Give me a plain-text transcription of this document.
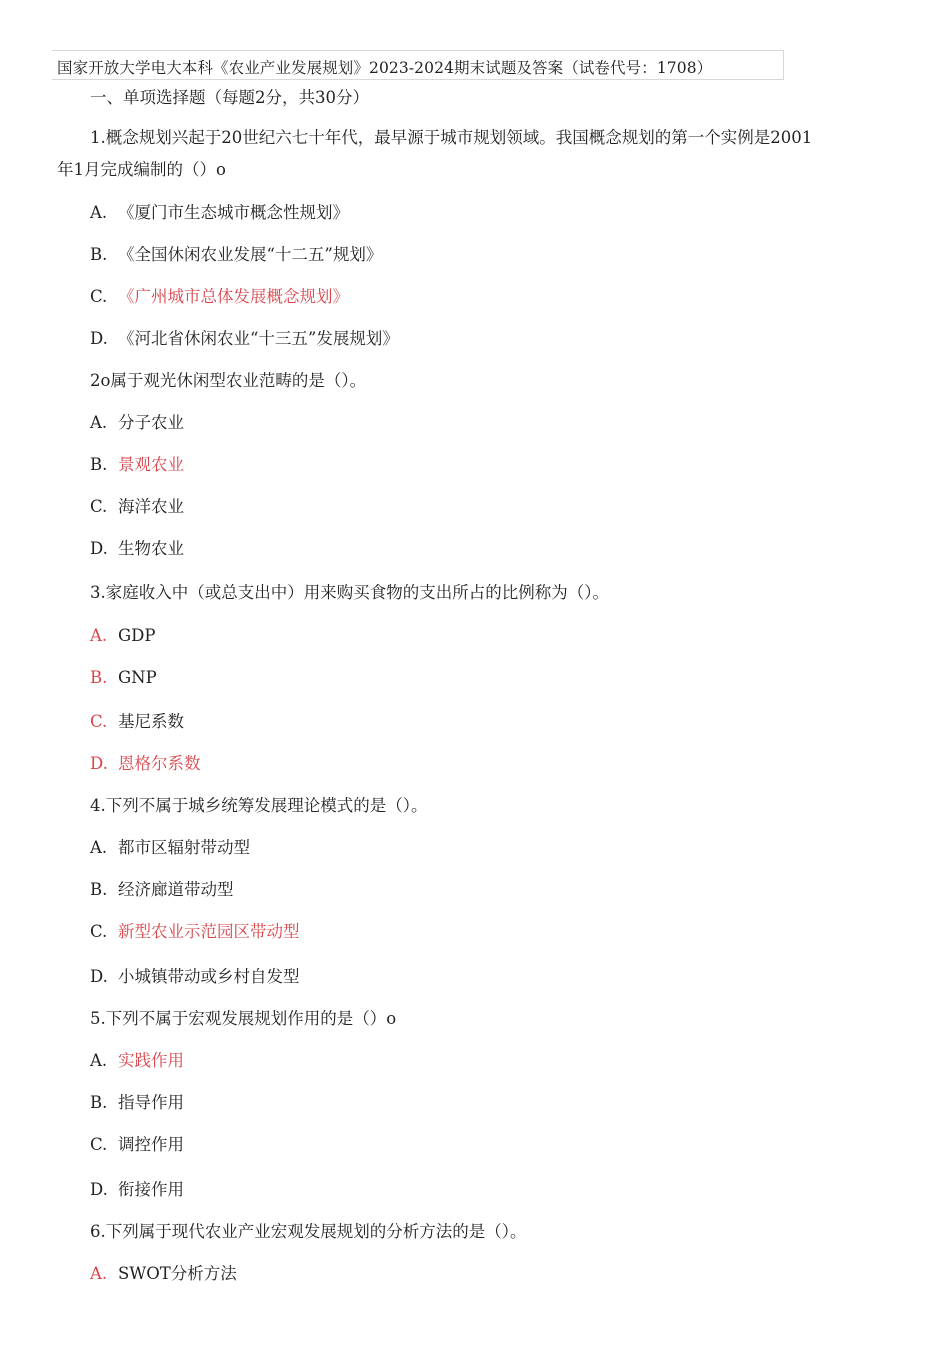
国家开放大学电大本科《农业产业发展规划》2023-2024期末试题及答案（试卷代号：1708）
一、单项选择题（每题2分，共30分）
1.概念规划兴起于20世纪六七十年代，最早源于城市规划领域。我国概念规划的第一个实例是2001
年1月完成编制的（）o
A. 《厦门市生态城市概念性规划》
B. 《全国休闲农业发展“十二五”规划》
C. 《广州城市总体发展概念规划》
D. 《河北省休闲农业“十三五”发展规划》
2o属于观光休闲型农业范畴的是（）。
A. 分子农业
B. 景观农业
C. 海洋农业
D. 生物农业
3.家庭收入中（或总支出中）用来购买食物的支出所占的比例称为（）。
A. GDP
B. GNP
C. 基尼系数
D. 恩格尔系数
4.下列不属于城乡统筹发展理论模式的是（）。
A. 都市区辐射带动型
B. 经济廊道带动型
C. 新型农业示范园区带动型
D. 小城镇带动或乡村自发型
5.下列不属于宏观发展规划作用的是（）o
A. 实践作用
B. 指导作用
C. 调控作用
D. 衔接作用
6.下列属于现代农业产业宏观发展规划的分析方法的是（）。
A. SWOT分析方法
